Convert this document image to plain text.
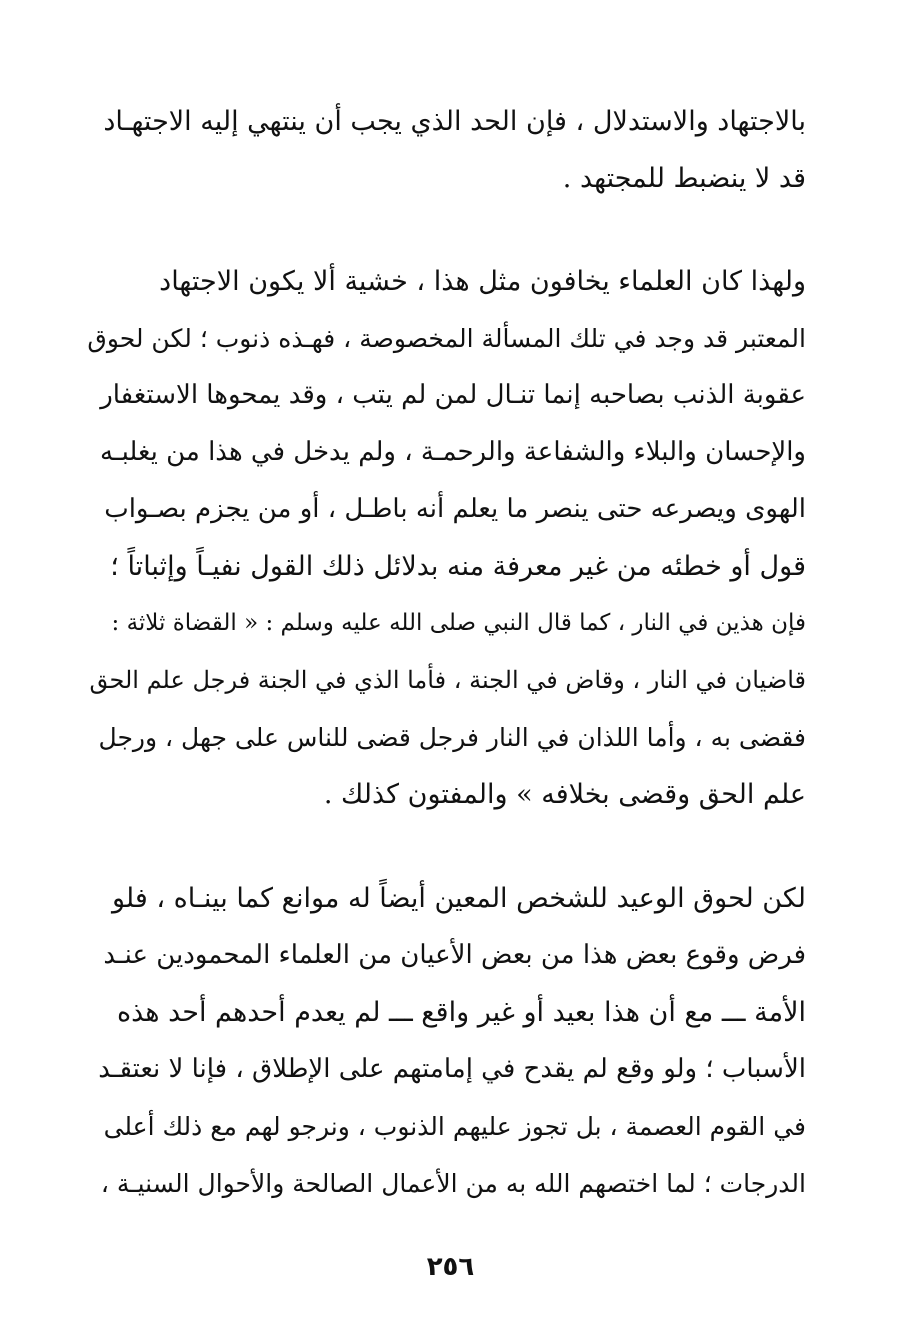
بالاجتهاد والاستدلال ، فإن الحد الذي يجب أن ينتهي إليه الاجتهـاد
قد لا ينضبط للمجتهد .
ولهذا كان العلماء يخافون مثل هذا ، خشية ألا يكون الاجتهاد
المعتبر قد وجد في تلك المسألة المخصوصة ، فهـذه ذنوب ؛ لكن لحوق
عقوبة الذنب بصاحبه إنما تنـال لمن لم يتب ، وقد يمحوها الاستغفار
والإحسان والبلاء والشفاعة والرحمـة ، ولم يدخل في هذا من يغلبـه
الهوى ويصرعه حتى ينصر ما يعلم أنه باطـل ، أو من يجزم بصـواب
قول أو خطئه من غير معرفة منه بدلائل ذلك القول نفيـاً وإثباتاً ؛
فإن هذين في النار ، كما قال النبي صلى الله عليه وسلم : « القضاة ثلاثة :
قاضيان في النار ، وقاض في الجنة ، فأما الذي في الجنة فرجل علم الحق
فقضى به ، وأما اللذان في النار فرجل قضى للناس على جهل ، ورجل
علم الحق وقضى بخلافه » والمفتون كذلك .
لكن لحوق الوعيد للشخص المعين أيضاً له موانع كما بينـاه ، فلو
فرض وقوع بعض هذا من بعض الأعيان من العلماء المحمودين عنـد
الأمة ـــ مع أن هذا بعيد أو غير واقع ـــ لم يعدم أحدهم أحد هذه
الأسباب ؛ ولو وقع لم يقدح في إمامتهم على الإطلاق ، فإنا لا نعتقـد
في القوم العصمة ، بل تجوز عليهم الذنوب ، ونرجو لهم مع ذلك أعلى
الدرجات ؛ لما اختصهم الله به من الأعمال الصالحة والأحوال السنيـة ،
٢٥٦
